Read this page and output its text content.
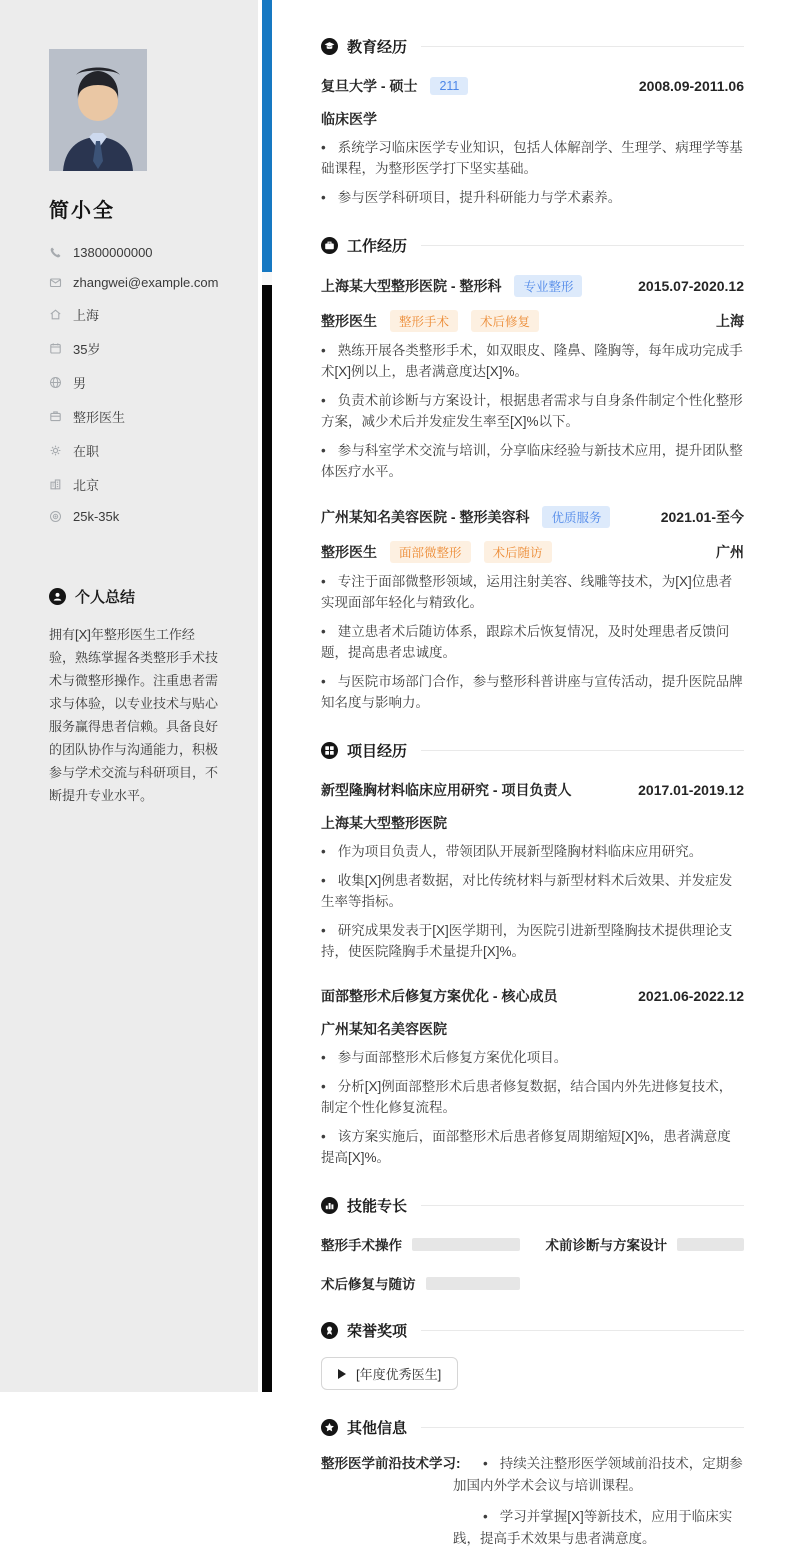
简小全
13800000000
zhangwei@example.com
上海
35岁
男
整形医生
在职
北京
25k-35k
个人总结

拥有[X]年整形医生工作经验，熟练掌握各类整形手术技术与微整形操作。注重患者需求与体验，以专业技术与贴心服务赢得患者信赖。具备良好的团队协作与沟通能力，积极参与学术交流与科研项目，不断提升专业水平。

教育经历
复旦大学 - 硕士	211	2008.09-2011.06
临床医学

• 系统学习临床医学专业知识，包括人体解剖学、生理学、病理学等基础课程，为整形医学打下坚实基础。

• 参与医学科研项目，提升科研能力与学术素养。

工作经历
上海某大型整形医院 - 整形科	专业整形	2015.07-2020.12
整形医生	整形手术	术后修复	上海

• 熟练开展各类整形手术，如双眼皮、隆鼻、隆胸等，每年成功完成手术[X]例以上，患者满意度达[X]%。

• 负责术前诊断与方案设计，根据患者需求与自身条件制定个性化整形方案，减少术后并发症发生率至[X]%以下。

• 参与科室学术交流与培训，分享临床经验与新技术应用，提升团队整体医疗水平。

广州某知名美容医院 - 整形美容科	优质服务	2021.01-至今
整形医生	面部微整形	术后随访	广州

• 专注于面部微整形领域，运用注射美容、线雕等技术，为[X]位患者实现面部年轻化与精致化。

• 建立患者术后随访体系，跟踪术后恢复情况，及时处理患者反馈问题，提高患者忠诚度。

• 与医院市场部门合作，参与整形科普讲座与宣传活动，提升医院品牌知名度与影响力。

项目经历
新型隆胸材料临床应用研究 - 项目负责人	2017.01-2019.12
上海某大型整形医院

• 作为项目负责人，带领团队开展新型隆胸材料临床应用研究。

• 收集[X]例患者数据，对比传统材料与新型材料术后效果、并发症发生率等指标。

• 研究成果发表于[X]医学期刊，为医院引进新型隆胸技术提供理论支持，使医院隆胸手术量提升[X]%。

面部整形术后修复方案优化 - 核心成员	2021.06-2022.12
广州某知名美容医院

• 参与面部整形术后修复方案优化项目。

• 分析[X]例面部整形术后患者修复数据，结合国内外先进修复技术，制定个性化修复流程。

• 该方案实施后，面部整形术后患者修复周期缩短[X]%，患者满意度提高[X]%。

技能专长
整形手术操作	术前诊断与方案设计
术后修复与随访
荣誉奖项
[年度优秀医生]
其他信息
整形医学前沿技术学习:	• 持续关注整形医学领域前沿技术，定期参加国内外学术会议与培训课程。

• 学习并掌握[X]等新技术，应用于临床实践，提高手术效果与患者满意度。
